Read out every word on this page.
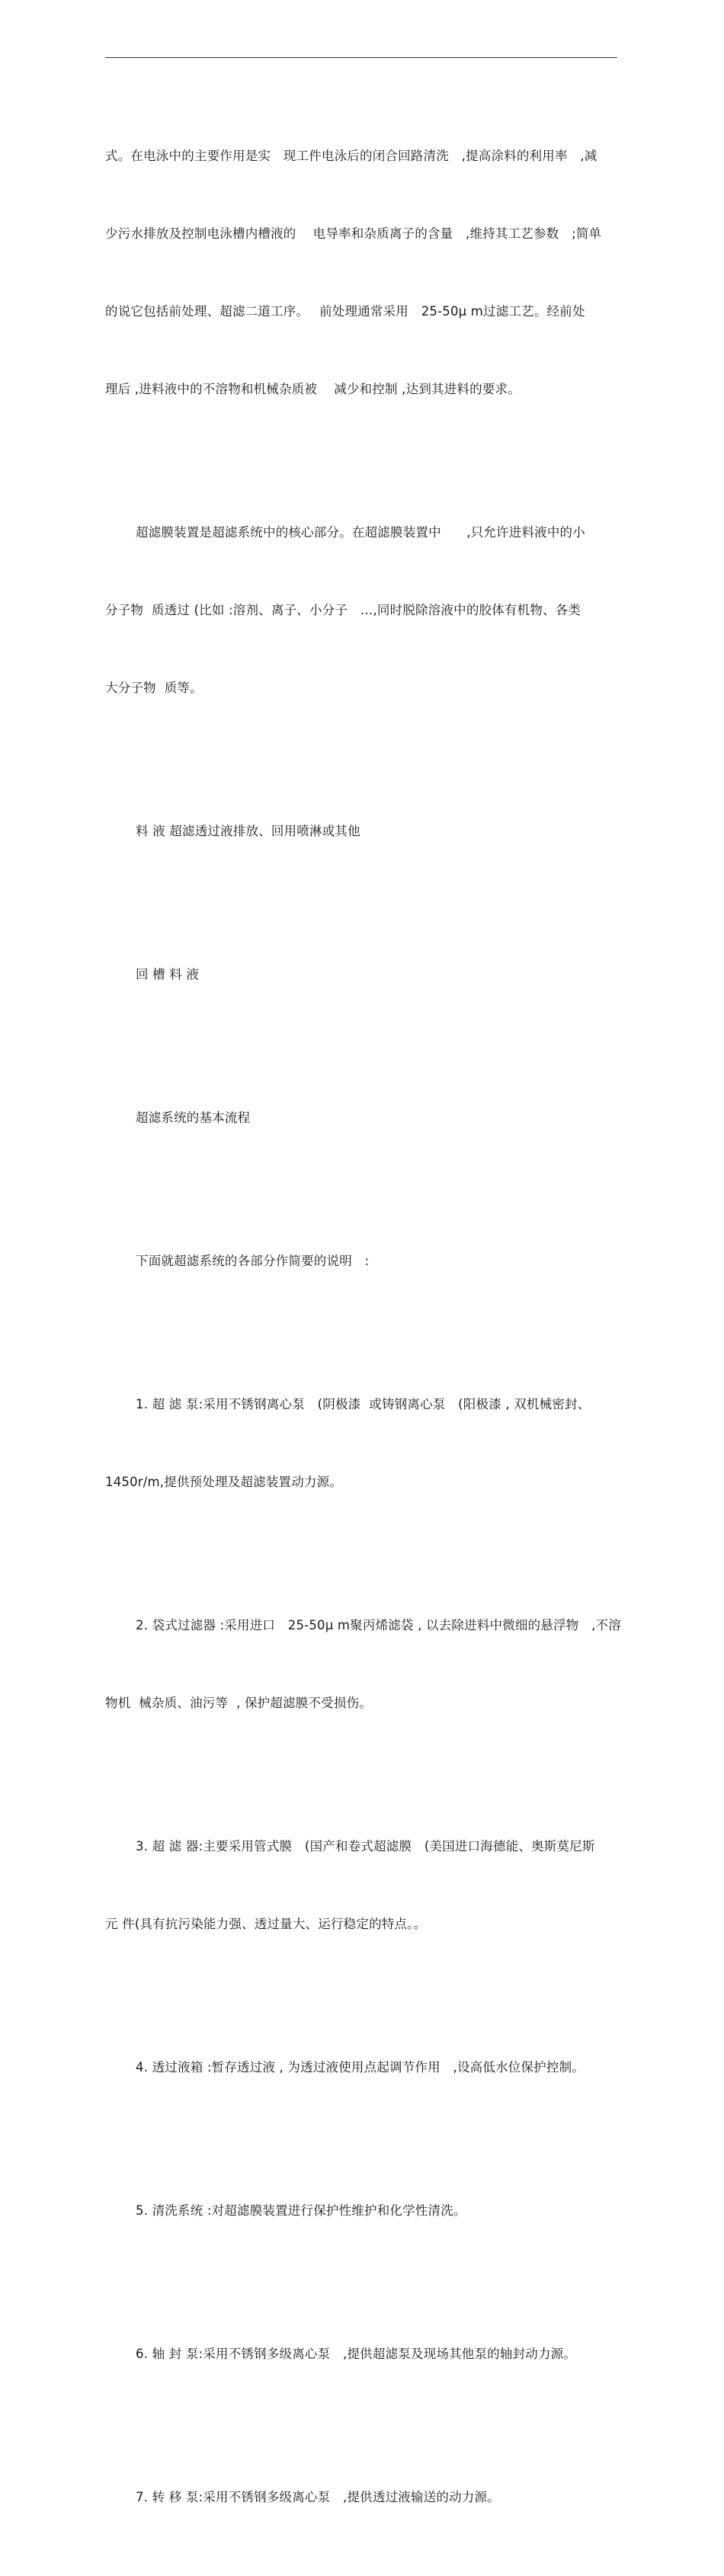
式。在电泳中的主要作用是实　现工件电泳后的闭合回路清洗　,提高涂料的利用率　,减

少污水排放及控制电泳槽内槽液的　 电导率和杂质离子的含量　,维持其工艺参数　;简单

的说它包括前处理、超滤二道工序。　 前处理通常采用　25-50μ m过滤工艺。经前处

理后 ,进料液中的不溶物和机械杂质被　 减少和控制 ,达到其进料的要求。

超滤膜装置是超滤系统中的核心部分。在超滤膜装置中　　,只允许进料液中的小

分子物  质透过 (比如 :溶剂、离子、小分子　…,同时脱除溶液中的胶体有机物、各类

大分子物  质等。

料 液 超滤透过液排放、回用喷淋或其他

回 槽 料 液

超滤系统的基本流程

下面就超滤系统的各部分作简要的说明　:

1. 超 滤 泵:采用不锈钢离心泵　(阴极漆  或铸钢离心泵　(阳极漆 , 双机械密封、

1450r/m,提供预处理及超滤装置动力源。

2. 袋式过滤器 :采用进口　25-50μ m聚丙烯滤袋 , 以去除进料中微细的悬浮物　,不溶

物机  械杂质、油污等  , 保护超滤膜不受损伤。

3. 超 滤 器:主要采用管式膜　(国产和卷式超滤膜　(美国进口海德能、奥斯莫尼斯

元 件(具有抗污染能力强、透过量大、运行稳定的特点。。

4. 透过液箱 :暂存透过液 , 为透过液使用点起调节作用　,设高低水位保护控制。

5. 清洗系统 :对超滤膜装置进行保护性维护和化学性清洗。

6. 轴 封 泵:采用不锈钢多级离心泵　,提供超滤泵及现场其他泵的轴封动力源。

7. 转 移 泵:采用不锈钢多级离心泵　,提供透过液输送的动力源。
